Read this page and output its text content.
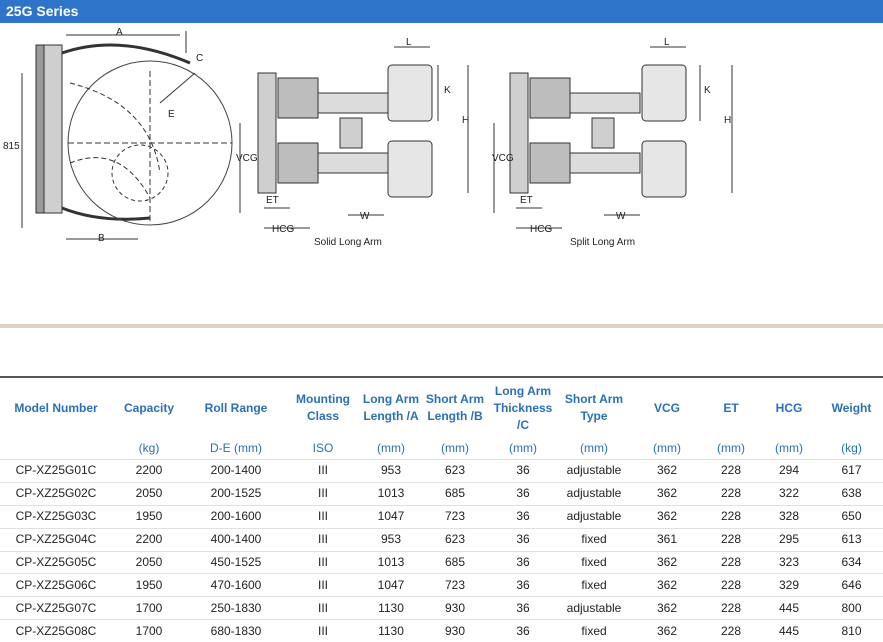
25G Series
A
C
E
815
B
L
K
H
VCG
ET
HCG
W
Solid Long Arm
L
K
H
VCG
ET
HCG
W
Split Long Arm
Model Number	Capacity	Roll Range	Mounting Class	Long Arm Length /A	Short Arm Length /B	Long Arm Thickness /C	Short Arm Type	VCG	ET	HCG	Weight
	(kg)	D-E (mm)	ISO	(mm)	(mm)	(mm)	(mm)	(mm)	(mm)	(mm)	(kg)
CP-XZ25G01C	2200	200-1400	III	953	623	36	adjustable	362	228	294	617
CP-XZ25G02C	2050	200-1525	III	1013	685	36	adjustable	362	228	322	638
CP-XZ25G03C	1950	200-1600	III	1047	723	36	adjustable	362	228	328	650
CP-XZ25G04C	2200	400-1400	III	953	623	36	fixed	361	228	295	613
CP-XZ25G05C	2050	450-1525	III	1013	685	36	fixed	362	228	323	634
CP-XZ25G06C	1950	470-1600	III	1047	723	36	fixed	362	228	329	646
CP-XZ25G07C	1700	250-1830	III	1130	930	36	adjustable	362	228	445	800
CP-XZ25G08C	1700	680-1830	III	1130	930	36	fixed	362	228	445	810
